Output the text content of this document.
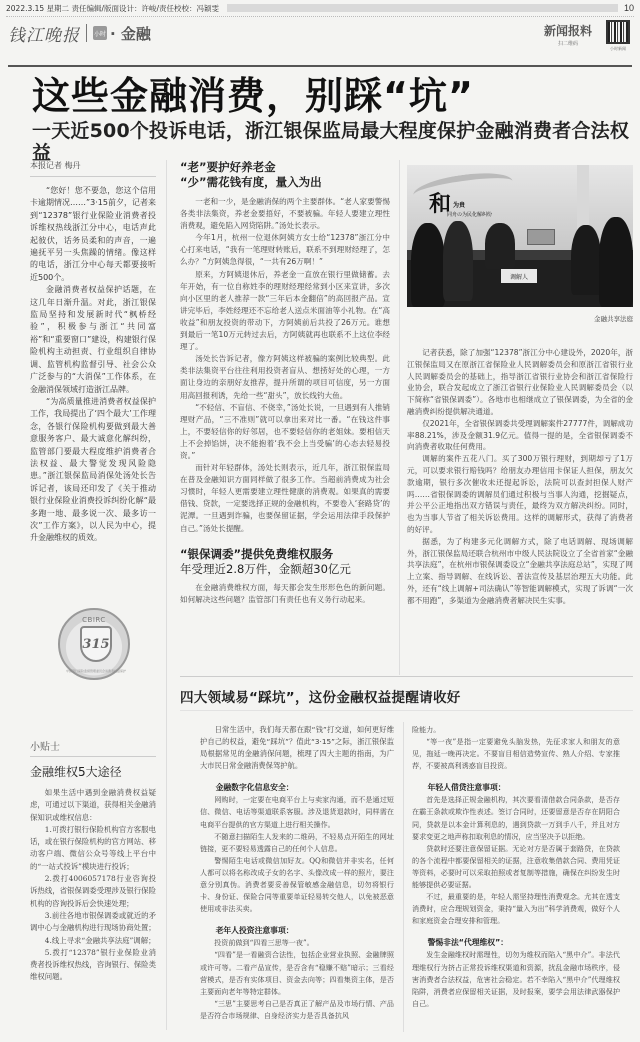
2022.3.15 星期二 责任编辑/版面设计：许峻/责任校校：冯颖雯	10
钱江晚报 小时 · 金融	新闻报料
扫二维码
小时新闻
这些金融消费，别踩“坑”
一天近500个投诉电话，浙江银保监局最大程度保护金融消费者合法权益
本报记者 梅丹

“您好！您不要急，您这个信用卡逾期情况……”3·15前夕，记者来到“12378”银行业保险业消费者投诉维权热线浙江分中心，电话声此起彼伏，话务员柔和的声音，一遍遍抚平另一头焦躁的情绪。像这样的电话，浙江分中心每天都要接听近500个。

金融消费者权益保护话题，在这几年日渐升温。对此，浙江银保监局坚持和发展新时代“枫桥经验”，积极参与浙江“共同富裕”和“重要窗口”建设，构建银行保险机构主动担责、行业组织自律协调、监管机构监督引导、社会公众广泛参与的“大消保”工作体系，在金融消保领域打造浙江品牌。

“为高质量推进消费者权益保护工作，我局提出了‘四个最大’工作理念，各银行保险机构要做到最大善意服务客户、最大诚意化解纠纷，监管部门要最大程度维护消费者合法权益、最大警觉发现风险隐患。”浙江银保监局消保处汤处长告诉记者，该局还印发了《关于推动银行业保险业消费投诉纠纷化解“最多跑一地、最多说一次、最多访一次”工作方案》，以人民为中心，提升金融维权的质效。

“老”要护好养老金
“少”需花钱有度，量入为出

一老和一少，是金融消保的两个主要群体。“老人家要警惕各类非法集资，养老金要捂好，不要被骗。年轻人要建立理性消费观，避免陷入网贷陷阱。”汤处长表示。

今年1月，杭州一位退休阿姨方女士给“12378”浙江分中心打来电话，“我有一笔理财转账后，联系不到理财经理了，怎么办？”方阿姨急得很，“一共有26万啊！”

原来，方阿姨退休后，养老金一直放在银行里做储蓄。去年开始，有一位自称姓李的理财经理经常到小区来宣讲，多次向小区里的老人推荐一款“三年后本金翻倍”的高回报产品。宣讲完毕后，李姓经理还不忘给老人送点米面油等小礼物。在“高收益”和朋友投资的带动下，方阿姨前后共投了26万元。谁想到最后一笔10万元转过去后，方阿姨就再也联系不上这位李经理了。

汤处长告诉记者，像方阿姨这样被骗的案例比较典型。此类非法集资平台往往利用投资者盲从、想捞好处的心理，一方面让身边的亲朋好友推荐，提升所谓的项目可信度，另一方面用高回报利诱，先给一些“甜头”，放长线钓大鱼。

“不轻信、不盲信、不侥幸，”汤处长说，一旦遇到有人推销理财产品，“三不准则”就可以拿出来对比一番。“在钱这件事上，不要轻信你的好邻居，也不要轻信你的老姐妹。要相信天上不会掉馅饼，决不能抱着‘我不会上当受骗’的心态去轻易投资。”

而针对年轻群体，汤处长则表示，近几年，浙江银保监局在普及金融知识方面同样做了很多工作。当超前消费成为社会习惯时，年轻人更需要建立理性健康的消费观。如果真的需要借钱、贷款，一定要选择正规的金融机构，不要卷入‘套路贷’的泥潭。一旦遇到诈骗，也要保留证据，学会运用法律手段保护自己。”汤处长提醒。

“银保调委”提供免费维权服务
年受理近2.8万件，金额超30亿元

在金融消费维权方面，每天都会发生形形色色的新问题。如何解决这些问题？监管部门有责任也有义务行动起来。

和 为贵
同舟の为民化解纠纷
调解人
金融共享法庭

记者获悉，除了加强“12378”浙江分中心建设外，2020年，浙江银保监局又在原浙江省保险业人民调解委员会和原浙江省银行业人民调解委员会的基础上，指导浙江省银行业协会和浙江省保险行业协会，联合发起成立了浙江省银行业保险业人民调解委员会（以下简称“省银保调委”）。各地市也相继成立了银保调委，为全省的金融消费纠纷提供解决通道。

仅2021年，全省银保调委共受理调解案件27777件，调解成功率88.21%，涉及金额31.9亿元。值得一提的是，全省银保调委不向消费者收取任何费用。

调解的案件五花八门。买了300万银行理财，到期却亏了1万元，可以要求银行赔钱吗？给朋友办理信用卡保证人担保，朋友欠款逾期，银行多次催收未还提起诉讼，法院可以查封担保人财产吗……省银保调委的调解员们通过积极与当事人沟通，挖掘疑点，并公平公正地指出双方错误与责任，最终为双方解决纠纷。同时，也为当事人节省了相关诉讼费用。这样的调解形式，获得了消费者的好评。

据悉，为了构建多元化调解方式，除了电话调解、现场调解外，浙江银保监局还联合杭州市中级人民法院设立了全省首家“金融共享法庭”，在杭州市银保调委设立“金融共享法庭总站”，实现了网上立案、指导调解、在线诉讼、普法宣传及基层治理五大功能。此外，还有“线上调解+司法确认”等智能调解模式，实现了诉调“一次都不用跑”，多渠道为金融消费者解决民生实事。

CBIRC
315
中国银行保险监督管理委员会消费者权益保护
小贴士
金融维权5大途径

如果生活中遇到金融消费权益疑虑，可通过以下渠道，获得相关金融消保知识或维权信息：

1.可拨打银行保险机构官方客服电话，或在银行保险机构的官方网站、移动客户端、微信公众号等线上平台中的“一站式投诉”模块进行投诉；

2.拨打4006057178行业咨询投诉热线，省银保调委受理涉及银行保险机构的咨询投诉后会快速处理；

3.前往各地市银保调委或就近的矛调中心与金融机构进行现场协商处置；

4.线上寻求“金融共享法庭”调解；

5.拨打“12378”银行业保险业消费者投诉维权热线，咨询银行、保险类维权问题。

四大领域易“踩坑”，这份金融权益提醒请收好

日常生活中，我们每天都在跟“钱”打交道，如何更好维护自己的权益，避免“踩坑”？值此“3·15”之际，浙江银保监局根据常见的金融消保问题，梳理了四大主题的指南，为广大市民日常金融消费保驾护航。

金融数字化信息安全：

网购时，一定要在电商平台上与卖家沟通，而不是通过短信、微信、电话等渠道联系客服。涉及退货退款时，同样需在电商平台提供的官方渠道上进行相关操作。

不随意扫描陌生人发来的二维码，不轻易点开陌生的网址链接，更不要轻易透露自己的任何个人信息。

警惕陌生电话或微信加好友。QQ和微信并非实名，任何人都可以将名称改成子女的名字、头像改成一样的照片，要注意分别真伪。消费者要妥善保管敏感金融信息，切勿将银行卡、身份证、保险合同等重要单证轻易转交他人，以免被恶意使用或非法买卖。

老年人投资注意事项：

投资前做到“四看三思等一夜”。

“四看”是一看融资合法性，包括企业营业执照、金融牌照或许可等。二看产品宣传，是否含有“稳赚不赔”暗示；三看经营模式，是否有实体项目、资金去向等；四看集资主体，是否主要面向老年等特定群体。

“三思”主要思考自己是否真正了解产品及市场行情、产品是否符合市场规律、自身经济实力是否具备抗风

险能力。

“等一夜”是指一定要避免头脑发热，先征求家人和朋友的意见，拖延一晚再决定。不要盲目相信造势宣传、熟人介绍、专家推荐，不要被高利诱惑盲目投资。

年轻人借贷注意事项：

首先是选择正规金融机构，其次要看清借款合同条款，是否存在霸王条款或欺诈性表述。签订合同时，还要留意是否存在阴阳合同，贷款是以本金计算利息的，遇到贷款一万到手八千，并且对方要求变更之地声称扣取利息的情况，应当坚决予以拒绝。

贷款时还要注意保留证据。无论对方是否属于套路贷，在贷款的各个流程中都要保留相关的证据，注意收集借款合同、费用凭证等资料，必要时可以采取拍照或者复制等措施，确保在纠纷发生时能够提供必要证据。

不过，最重要的是，年轻人需坚持理性消费观念。尤其在透支消费时，应合理规划资金，秉持“量入为出”科学消费观，做好个人和家庭资金合理安排和管理。

警惕非法“代理维权”：

发生金融维权时需理性，切勿为维权而陷入“黑中介”。非法代理维权行为挤占正常投诉维权渠道和资源，扰乱金融市场秩序，侵害消费者合法权益，危害社会稳定。若不幸陷入“黑中介”代理维权陷阱，消费者应保留相关证据，及时报案，要学会用法律武器保护自己。
